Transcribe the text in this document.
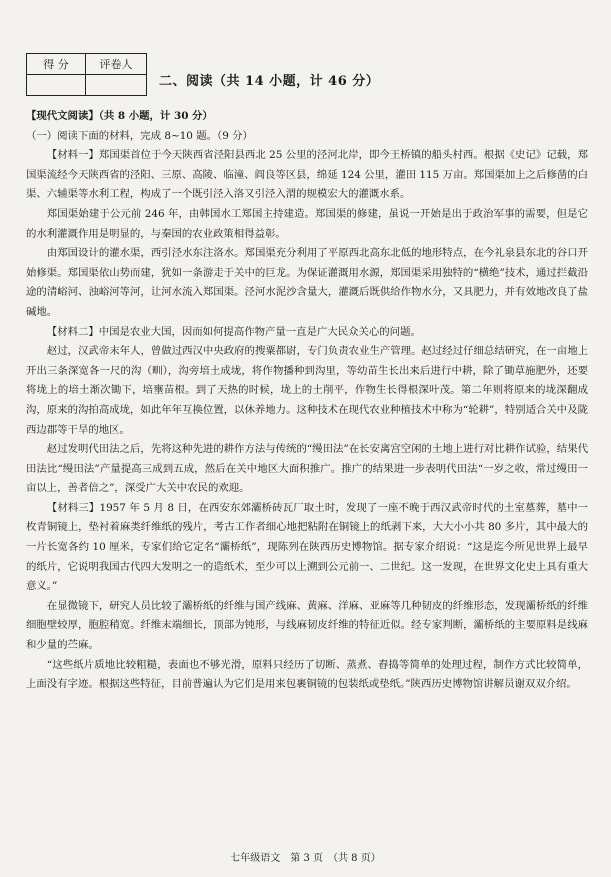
得 分	评卷人

二、阅读（共 14 小题，计 46 分）

【现代文阅读】（共 8 小题，计 30 分）

（一）阅读下面的材料，完成 8~10 题。（9 分）

【材料一】郑国渠首位于今天陕西省泾阳县西北 25 公里的泾河北岸，即今王桥镇的船头村西。根据《史记》记载，郑国渠流经今天陕西省的泾阳、三原、高陵、临潼、阎良等区县，绵延 124 公里，灌田 115 万亩。郑国渠加上之后修凿的白渠、六辅渠等水利工程，构成了一个既引泾入洛又引泾入渭的规模宏大的灌溉水系。

郑国渠始建于公元前 246 年，由韩国水工郑国主持建造。郑国渠的修建，虽说一开始是出于政治军事的需要，但是它的水利灌溉作用是明显的，与秦国的农业政策相得益彰。

由郑国设计的灌水渠，西引泾水东注洛水。郑国渠充分利用了平原西北高东北低的地形特点，在今礼泉县东北的谷口开始修渠。郑国渠依山势而建，犹如一条游走于关中的巨龙。为保证灌溉用水源，郑国渠采用独特的“横绝”技术，通过拦截沿途的清峪河、浊峪河等河，让河水流入郑国渠。泾河水泥沙含量大，灌溉后既供给作物水分，又具肥力，并有效地改良了盐碱地。

【材料二】中国是农业大国，因而如何提高作物产量一直是广大民众关心的问题。

赵过，汉武帝末年人，曾做过西汉中央政府的搜粟都尉，专门负责农业生产管理。赵过经过仔细总结研究，在一亩地上开出三条深宽各一尺的沟（甽），沟旁培土成垅，将作物播种到沟里，等幼苗生长出来后进行中耕，除了锄草施肥外，还要将垅上的培土渐次锄下，培壅苗根。到了天热的时候，垅上的土削平，作物生长得根深叶茂。第二年则将原来的垅深翻成沟，原来的沟拍高成垅，如此年年互换位置，以休养地力。这种技术在现代农业种植技术中称为“轮耕”，特别适合关中及陇西边郡等干旱的地区。

赵过发明代田法之后，先将这种先进的耕作方法与传统的“缦田法”在长安离宫空闲的土地上进行对比耕作试验，结果代田法比“缦田法”产量提高三成到五成，然后在关中地区大面积推广。推广的结果进一步表明代田法“一岁之收，常过缦田一亩以上，善者倍之”，深受广大关中农民的欢迎。

【材料三】1957 年 5 月 8 日，在西安东郊灞桥砖瓦厂取土时，发现了一座不晚于西汉武帝时代的土室墓葬，墓中一枚青铜镜上，垫衬着麻类纤维纸的残片，考古工作者细心地把粘附在铜镜上的纸剥下来，大大小小共 80 多片，其中最大的一片长宽各约 10 厘米，专家们给它定名“灞桥纸”，现陈列在陕西历史博物馆。据专家介绍说：“这是迄今所见世界上最早的纸片，它说明我国古代四大发明之一的造纸术，至少可以上溯到公元前一、二世纪。这一发现，在世界文化史上具有重大意义。”

在显微镜下，研究人员比较了灞桥纸的纤维与国产线麻、黄麻、洋麻、亚麻等几种韧皮的纤维形态，发现灞桥纸的纤维细胞壁较厚，胞腔稍宽。纤维末端细长，顶部为钝形，与线麻韧皮纤维的特征近似。经专家判断，灞桥纸的主要原料是线麻和少量的苎麻。

“这些纸片质地比较粗糙，表面也不够光滑，原料只经历了切断、蒸煮、舂捣等简单的处理过程，制作方式比较简单，上面没有字迹。根据这些特征，目前普遍认为它们是用来包裹铜镜的包装纸或垫纸。”陕西历史博物馆讲解员谢双双介绍。

七年级语文　第 3 页　（共 8 页）
